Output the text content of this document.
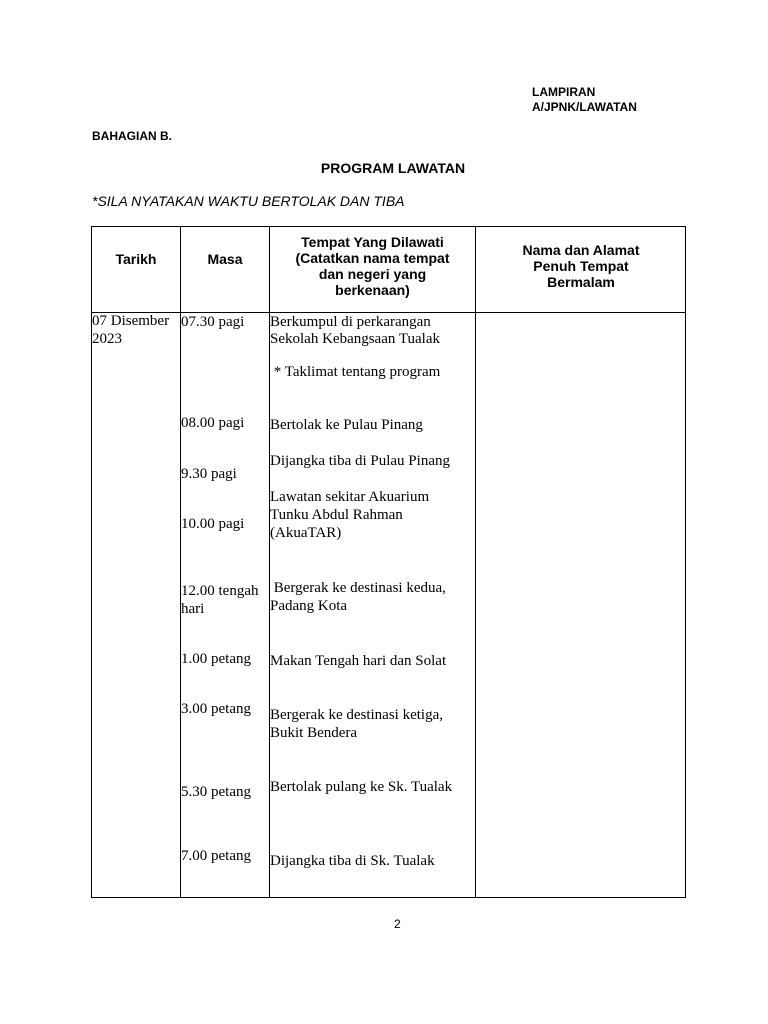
LAMPIRAN
A/JPNK/LAWATAN
BAHAGIAN B.
PROGRAM LAWATAN
*SILA NYATAKAN WAKTU BERTOLAK DAN TIBA
Tarikh	Masa
Tempat Yang Dilawati
(Catatkan nama tempat
dan negeri yang
berkenaan)
Nama dan Alamat
Penuh Tempat
Bermalam
07 Disember
2023
07.30 pagi
08.00 pagi
9.30 pagi
10.00 pagi
12.00 tengah
hari
1.00 petang
3.00 petang
5.30 petang
7.00 petang
Berkumpul di perkarangan
Sekolah Kebangsaan Tualak
* Taklimat tentang program
Bertolak ke Pulau Pinang
Dijangka tiba di Pulau Pinang
Lawatan sekitar Akuarium
Tunku Abdul Rahman
(AkuaTAR)
Bergerak ke destinasi kedua,
Padang Kota
Makan Tengah hari dan Solat
Bergerak ke destinasi ketiga,
Bukit Bendera
Bertolak pulang ke Sk. Tualak
Dijangka tiba di Sk. Tualak
2
